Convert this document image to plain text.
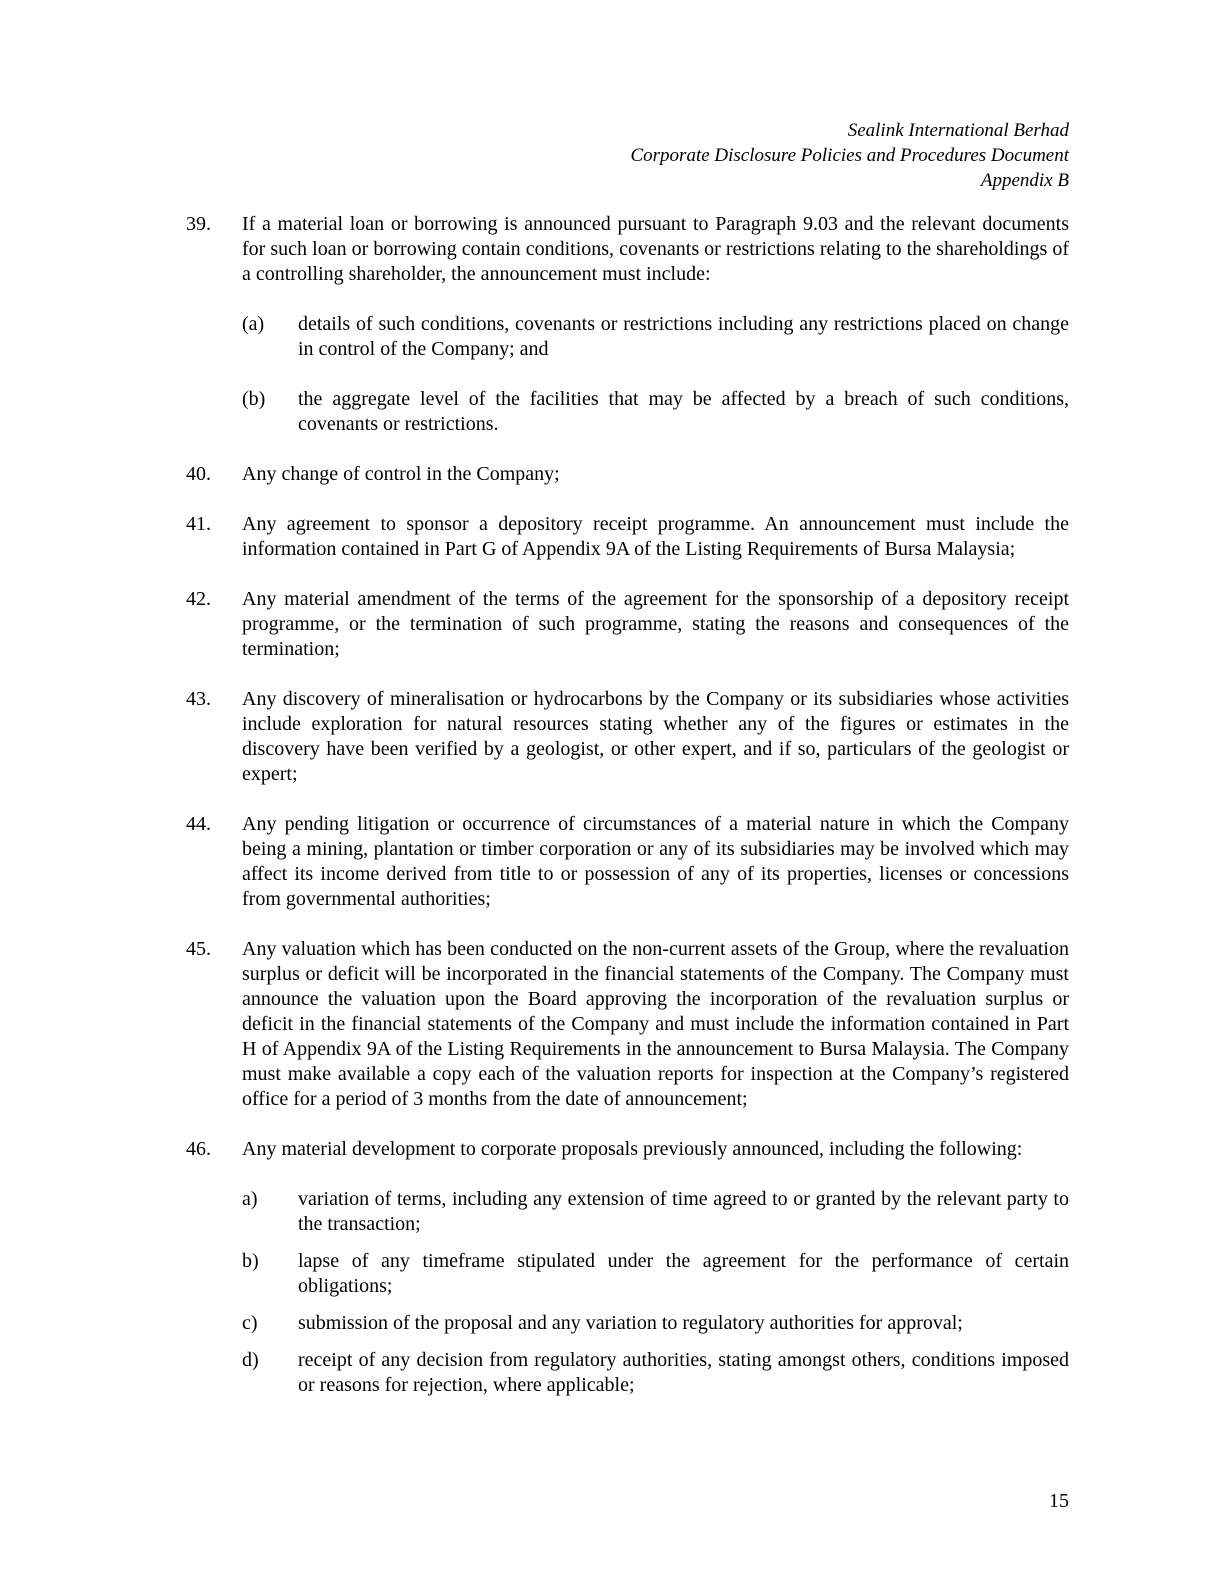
Sealink International Berhad
Corporate Disclosure Policies and Procedures Document
Appendix B
39.	If a material loan or borrowing is announced pursuant to Paragraph 9.03 and the relevant documents for such loan or borrowing contain conditions, covenants or restrictions relating to the shareholdings of a controlling shareholder, the announcement must include:
(a)	details of such conditions, covenants or restrictions including any restrictions placed on change in control of the Company; and
(b)	the aggregate level of the facilities that may be affected by a breach of such conditions, covenants or restrictions.
40.	Any change of control in the Company;
41.	Any agreement to sponsor a depository receipt programme. An announcement must include the information contained in Part G of Appendix 9A of the Listing Requirements of Bursa Malaysia;
42.	Any material amendment of the terms of the agreement for the sponsorship of a depository receipt programme, or the termination of such programme, stating the reasons and consequences of the termination;
43.	Any discovery of mineralisation or hydrocarbons by the Company or its subsidiaries whose activities include exploration for natural resources stating whether any of the figures or estimates in the discovery have been verified by a geologist, or other expert, and if so, particulars of the geologist or expert;
44.	Any pending litigation or occurrence of circumstances of a material nature in which the Company being a mining, plantation or timber corporation or any of its subsidiaries may be involved which may affect its income derived from title to or possession of any of its properties, licenses or concessions from governmental authorities;
45.	Any valuation which has been conducted on the non-current assets of the Group, where the revaluation surplus or deficit will be incorporated in the financial statements of the Company. The Company must announce the valuation upon the Board approving the incorporation of the revaluation surplus or deficit in the financial statements of the Company and must include the information contained in Part H of Appendix 9A of the Listing Requirements in the announcement to Bursa Malaysia. The Company must make available a copy each of the valuation reports for inspection at the Company’s registered office for a period of 3 months from the date of announcement;
46.	Any material development to corporate proposals previously announced, including the following:
a)	variation of terms, including any extension of time agreed to or granted by the relevant party to the transaction;
b)	lapse of any timeframe stipulated under the agreement for the performance of certain obligations;
c)	submission of the proposal and any variation to regulatory authorities for approval;
d)	receipt of any decision from regulatory authorities, stating amongst others, conditions imposed or reasons for rejection, where applicable;
15
